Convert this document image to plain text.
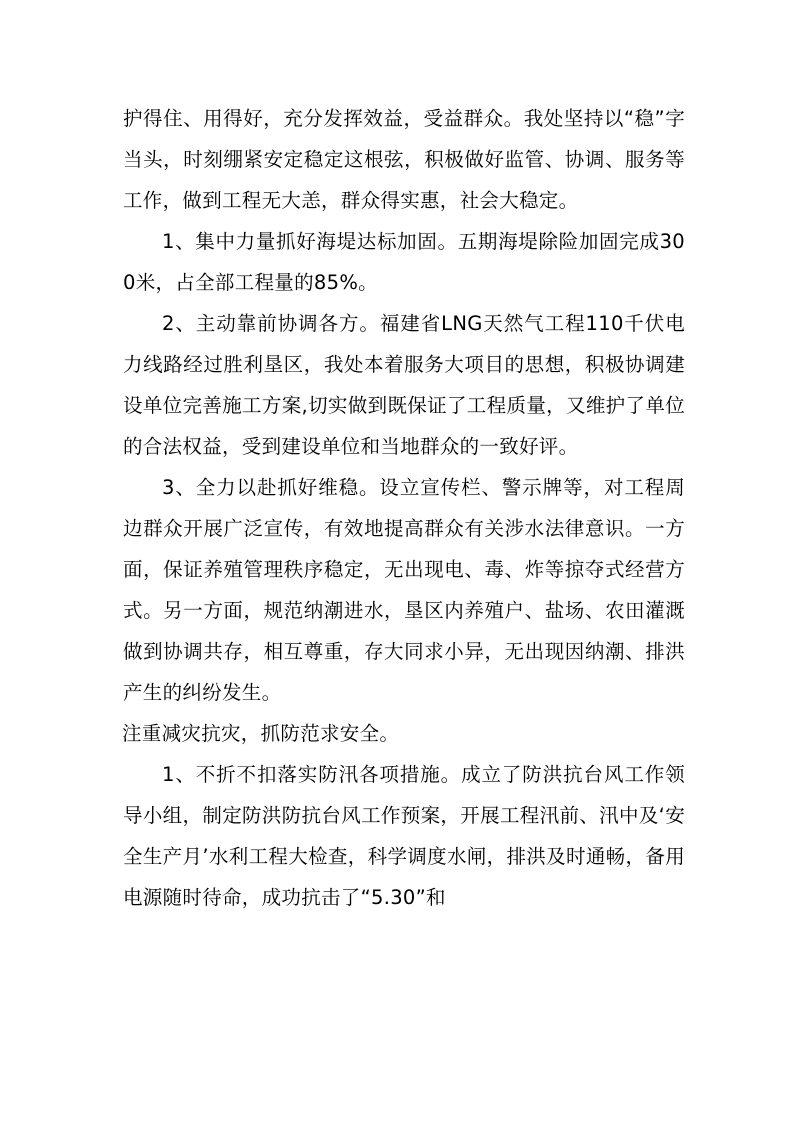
护得住、用得好，充分发挥效益，受益群众。我处坚持以“稳”字当头，时刻绷紧安定稳定这根弦，积极做好监管、协调、服务等工作，做到工程无大恙，群众得实惠，社会大稳定。

1、集中力量抓好海堤达标加固。五期海堤除险加固完成300米，占全部工程量的85%。

2、主动靠前协调各方。福建省LNG天然气工程110千伏电力线路经过胜利垦区，我处本着服务大项目的思想，积极协调建设单位完善施工方案,切实做到既保证了工程质量，又维护了单位的合法权益，受到建设单位和当地群众的一致好评。

3、全力以赴抓好维稳。设立宣传栏、警示牌等，对工程周边群众开展广泛宣传，有效地提高群众有关涉水法律意识。一方面，保证养殖管理秩序稳定，无出现电、毒、炸等掠夺式经营方式。另一方面，规范纳潮进水，垦区内养殖户、盐场、农田灌溉做到协调共存，相互尊重，存大同求小异，无出现因纳潮、排洪产生的纠纷发生。

注重减灾抗灾，抓防范求安全。

1、不折不扣落实防汛各项措施。成立了防洪抗台风工作领导小组，制定防洪防抗台风工作预案，开展工程汛前、汛中及‘安全生产月’水利工程大检查，科学调度水闸，排洪及时通畅，备用电源随时待命，成功抗击了“5.30”和
